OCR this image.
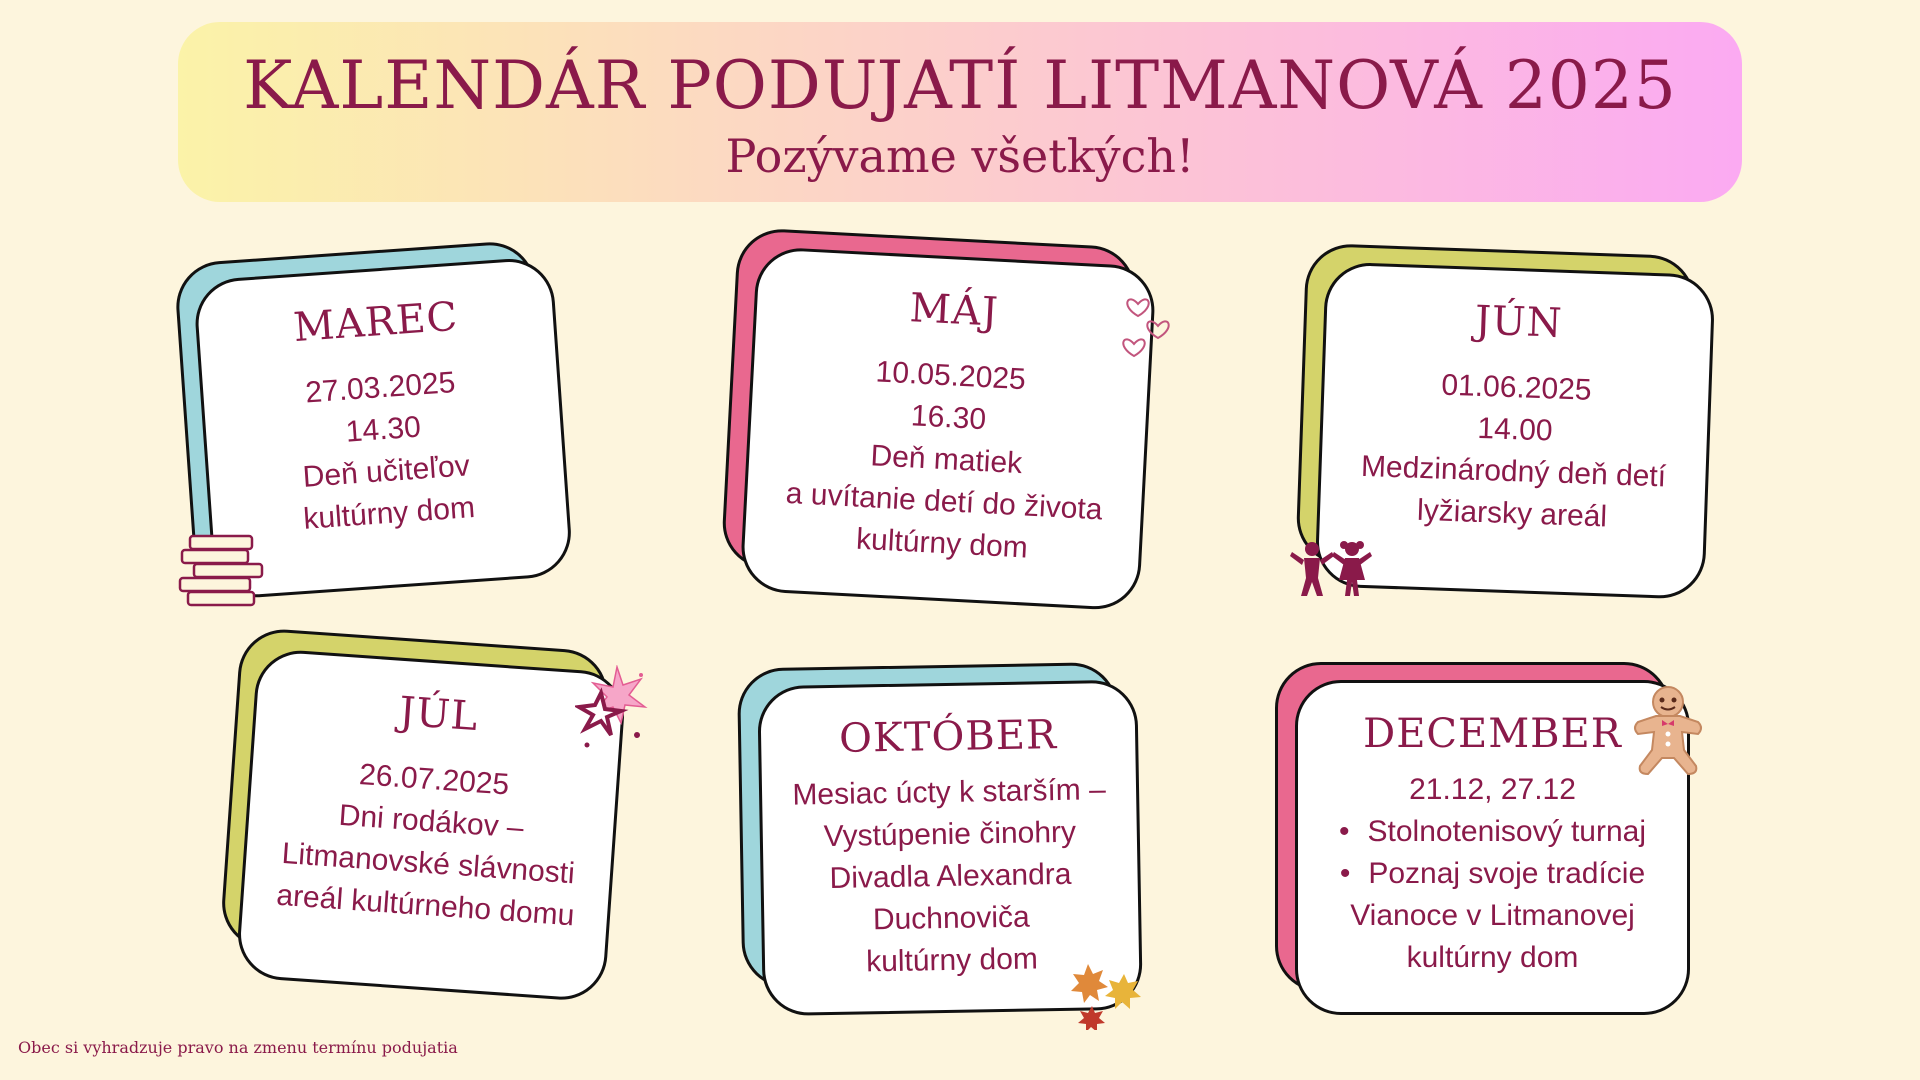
KALENDÁR PODUJATÍ LITMANOVÁ 2025
Pozývame všetkých!
MAREC
27.03.2025
14.30
Deň učiteľov
kultúrny dom
MÁJ
10.05.2025
16.30
Deň matiek
a uvítanie detí do života
kultúrny dom
JÚN
01.06.2025
14.00
Medzinárodný deň detí
lyžiarsky areál
JÚL
26.07.2025
Dni rodákov –
Litmanovské slávnosti
areál kultúrneho domu
OKTÓBER
Mesiac úcty k starším –
Vystúpenie činohry
Divadla Alexandra
Duchnoviča
kultúrny dom
DECEMBER
21.12, 27.12
• Stolnotenisový turnaj
• Poznaj svoje tradície
Vianoce v Litmanovej
kultúrny dom
Obec si vyhradzuje pravo na zmenu termínu podujatia
